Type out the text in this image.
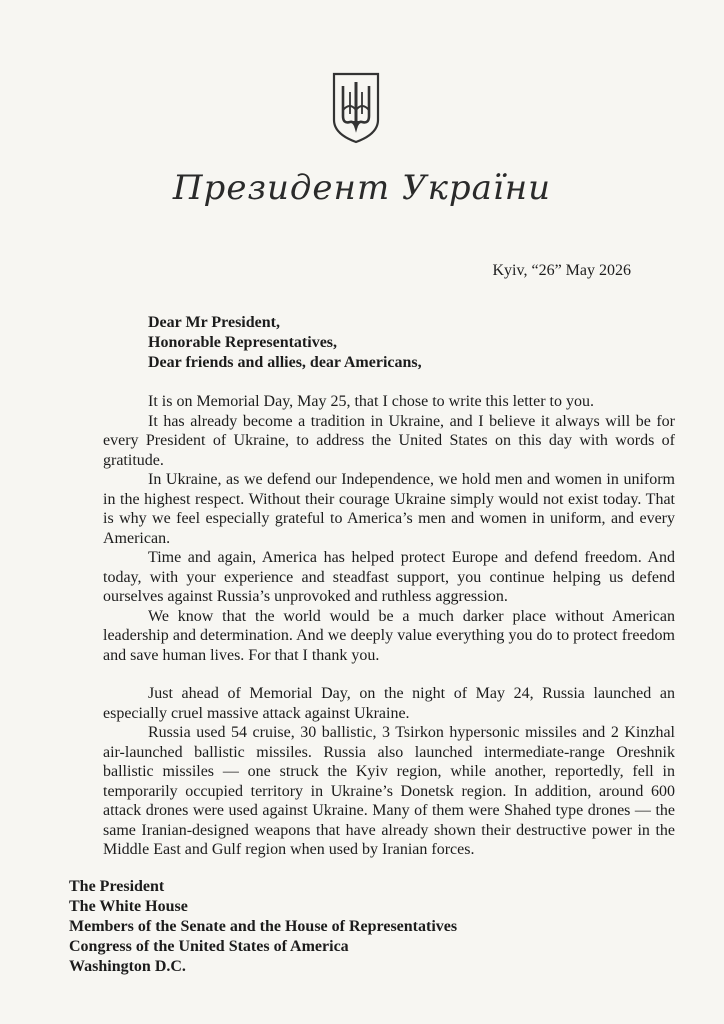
Президент України
Kyiv, “26” May 2026
Dear Mr President,
Honorable Representatives,
Dear friends and allies, dear Americans,

It is on Memorial Day, May 25, that I chose to write this letter to you.

It has already become a tradition in Ukraine, and I believe it always will be for every President of Ukraine, to address the United States on this day with words of gratitude.

In Ukraine, as we defend our Independence, we hold men and women in uniform in the highest respect. Without their courage Ukraine simply would not exist today. That is why we feel especially grateful to America’s men and women in uniform, and every American.

Time and again, America has helped protect Europe and defend freedom. And today, with your experience and steadfast support, you continue helping us defend ourselves against Russia’s unprovoked and ruthless aggression.

We know that the world would be a much darker place without American leadership and determination. And we deeply value everything you do to protect freedom and save human lives. For that I thank you.

Just ahead of Memorial Day, on the night of May 24, Russia launched an especially cruel massive attack against Ukraine.

Russia used 54 cruise, 30 ballistic, 3 Tsirkon hypersonic missiles and 2 Kinzhal air-launched ballistic missiles. Russia also launched intermediate-range Oreshnik ballistic missiles — one struck the Kyiv region, while another, reportedly, fell in temporarily occupied territory in Ukraine’s Donetsk region. In addition, around 600 attack drones were used against Ukraine. Many of them were Shahed type drones — the same Iranian-designed weapons that have already shown their destructive power in the Middle East and Gulf region when used by Iranian forces.

The President
The White House
Members of the Senate and the House of Representatives
Congress of the United States of America
Washington D.C.
